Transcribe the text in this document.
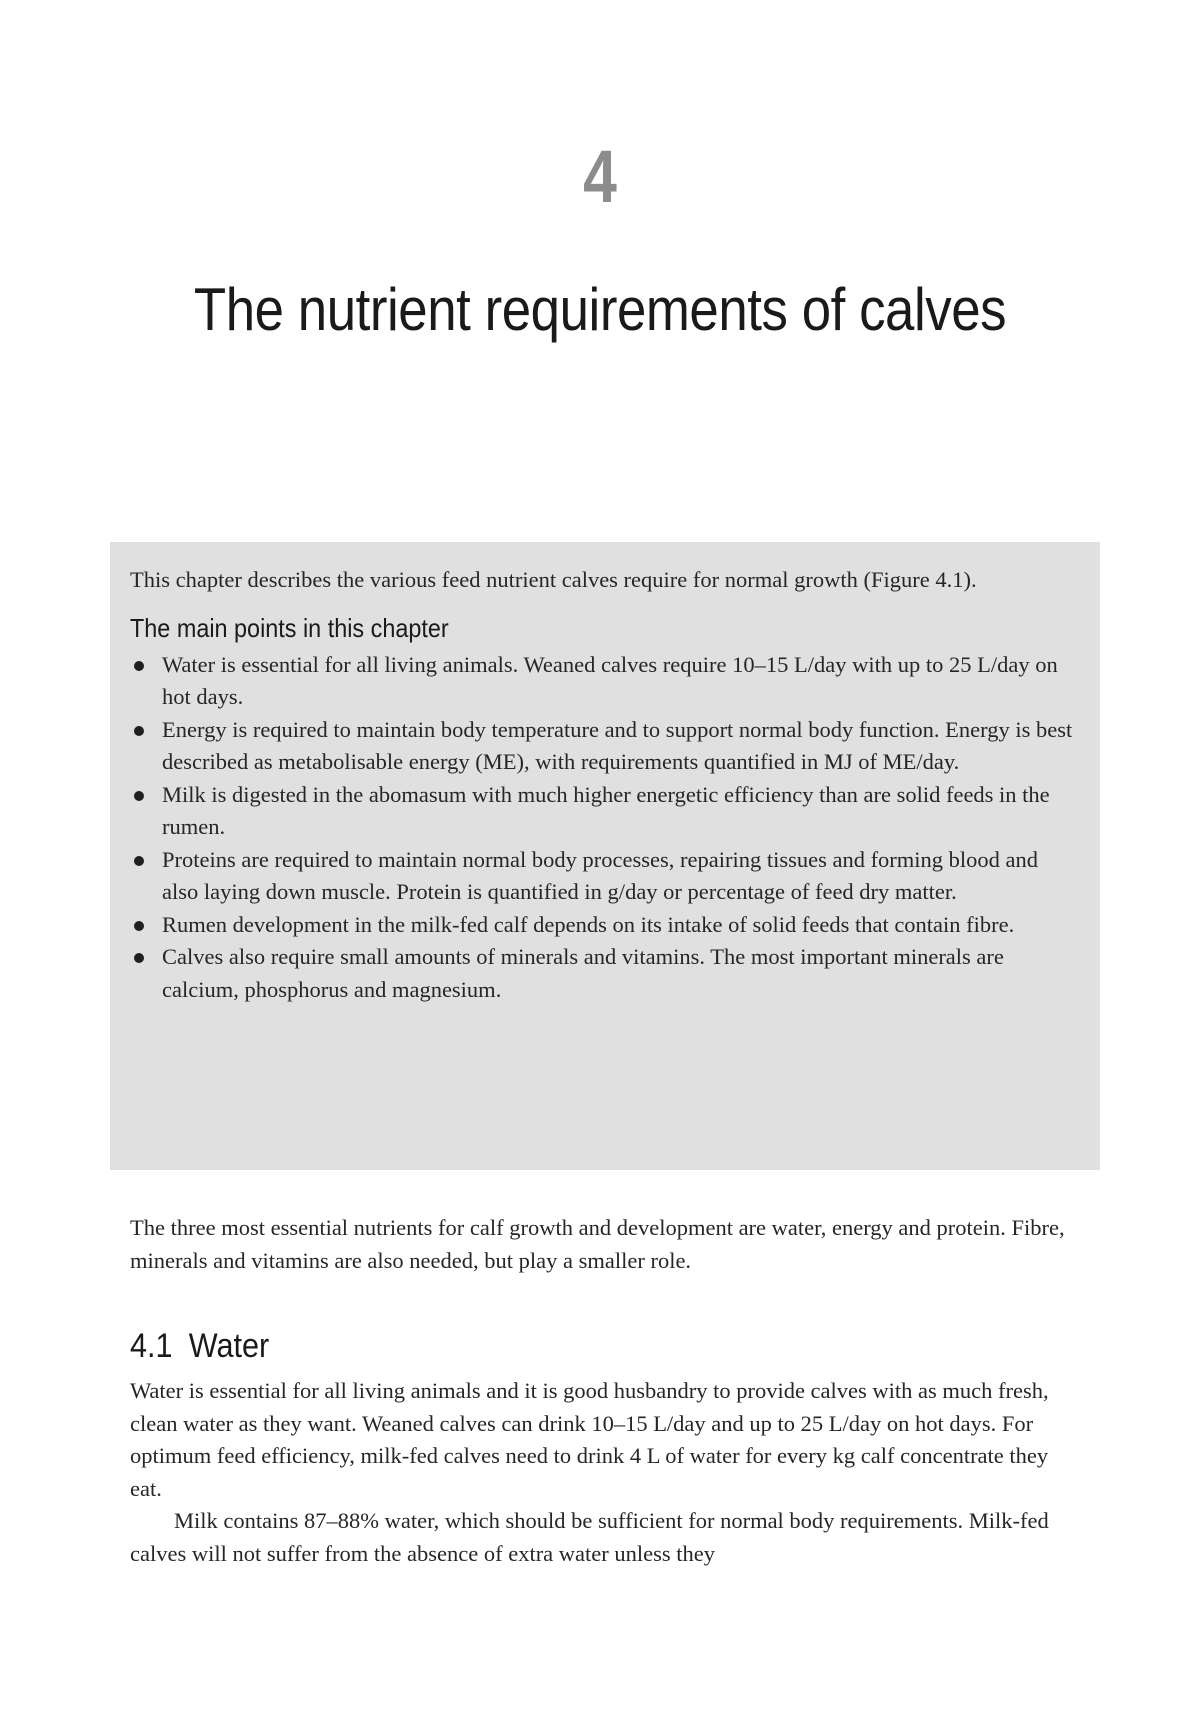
4
The nutrient requirements of calves

This chapter describes the various feed nutrient calves require for normal growth (Figure 4.1).

The main points in this chapter
Water is essential for all living animals. Weaned calves require 10–15 L/day with up to 25 L/day on hot days.
Energy is required to maintain body temperature and to support normal body function. Energy is best described as metabolisable energy (ME), with requirements quantified in MJ of ME/day.
Milk is digested in the abomasum with much higher energetic efficiency than are solid feeds in the rumen.
Proteins are required to maintain normal body processes, repairing tissues and forming blood and also laying down muscle. Protein is quantified in g/day or percentage of feed dry matter.
Rumen development in the milk-fed calf depends on its intake of solid feeds that contain fibre.
Calves also require small amounts of minerals and vitamins. The most important minerals are calcium, phosphorus and magnesium.

The three most essential nutrients for calf growth and development are water, energy and protein. Fibre, minerals and vitamins are also needed, but play a smaller role.

4.1 Water

Water is essential for all living animals and it is good husbandry to provide calves with as much fresh, clean water as they want. Weaned calves can drink 10–15 L/day and up to 25 L/day on hot days. For optimum feed efficiency, milk-fed calves need to drink 4 L of water for every kg calf concentrate they eat.

Milk contains 87–88% water, which should be sufficient for normal body requirements. Milk-fed calves will not suffer from the absence of extra water unless they
